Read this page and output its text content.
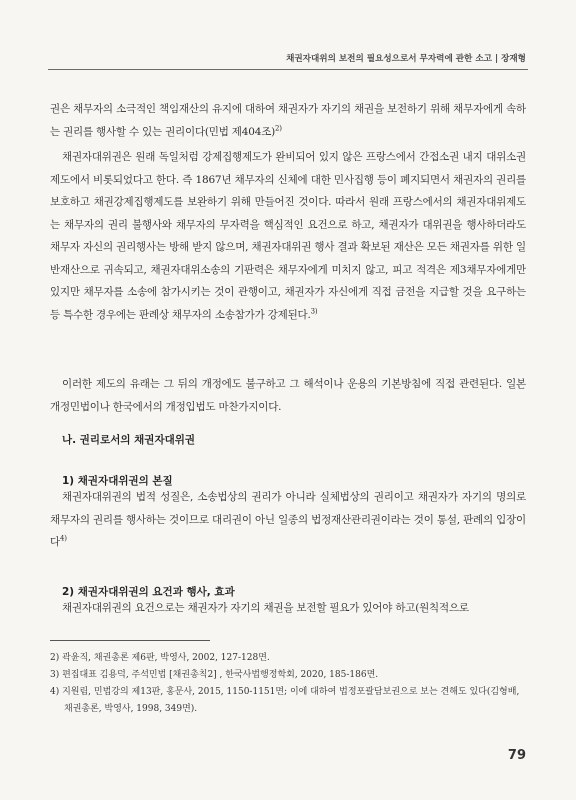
채권자대위의 보전의 필요성으로서 무자력에 관한 소고 | 장재형

권은 채무자의 소극적인 책임재산의 유지에 대하여 채권자가 자기의 채권을 보전하기 위해 채무자에게 속하는 권리를 행사할 수 있는 권리이다(민법 제404조)$^{2)}$

채권자대위권은 원래 독일처럼 강제집행제도가 완비되어 있지 않은 프랑스에서 간접소권 내지 대위소권제도에서 비롯되었다고 한다. 즉 1867년 채무자의 신체에 대한 민사집행 등이 폐지되면서 채권자의 권리를 보호하고 채권강제집행제도를 보완하기 위해 만들어진 것이다. 따라서 원래 프랑스에서의 채권자대위제도는 채무자의 권리 불행사와 채무자의 무자력을 핵심적인 요건으로 하고, 채권자가 대위권을 행사하더라도 채무자 자신의 권리행사는 방해 받지 않으며, 채권자대위권 행사 결과 확보된 재산은 모든 채권자를 위한 일반재산으로 귀속되고, 채권자대위소송의 기판력은 채무자에게 미치지 않고, 피고 적격은 제3채무자에게만 있지만 채무자를 소송에 참가시키는 것이 관행이고, 채권자가 자신에게 직접 금전을 지급할 것을 요구하는 등 특수한 경우에는 판례상 채무자의 소송참가가 강제된다.$^{3)}$

이러한 제도의 유래는 그 뒤의 개정에도 불구하고 그 해석이나 운용의 기본방침에 직접 관련된다. 일본 개정민법이나 한국에서의 개정입법도 마찬가지이다.

나. 권리로서의 채권자대위권
1) 채권자대위권의 본질

채권자대위권의 법적 성질은, 소송법상의 권리가 아니라 실체법상의 권리이고 채권자가 자기의 명의로 채무자의 권리를 행사하는 것이므로 대리권이 아닌 일종의 법정재산관리권이라는 것이 통설, 판례의 입장이다$^{4)}$

2) 채권자대위권의 요건과 행사, 효과

채권자대위권의 요건으로는 채권자가 자기의 채권을 보전할 필요가 있어야 하고(원칙적으로

2) 곽윤직, 채권총론 제6판, 박영사, 2002, 127-128면.
3) 편집대표 김용덕, 주석민법 [채권총칙2] , 한국사법행정학회, 2020, 185-186면.
4) 지원림, 민법강의 제13판, 홍문사, 2015, 1150-1151면; 이에 대하여 법정포괄담보권으로 보는 견해도 있다(김형배, 채권총론, 박영사, 1998, 349면).
79
